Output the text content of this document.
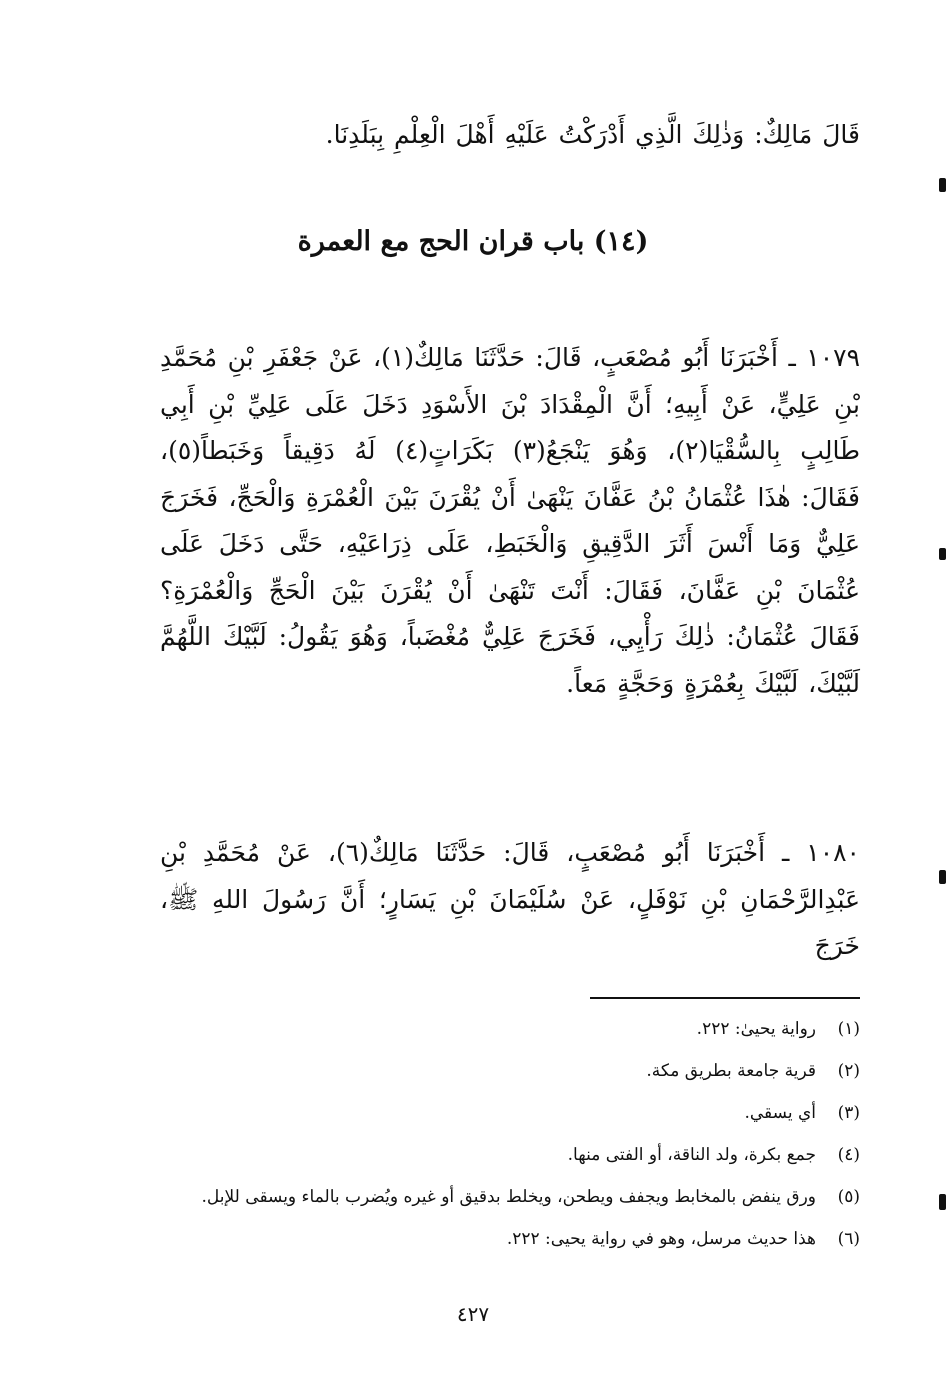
قَالَ مَالِكٌ: وَذٰلِكَ الَّذِي أَدْرَكْتُ عَلَيْهِ أَهْلَ الْعِلْمِ بِبَلَدِنَا.

(١٤) باب قران الحج مع العمرة

١٠٧٩ ـ أَخْبَرَنَا أَبُو مُصْعَبٍ، قَالَ: حَدَّثَنَا مَالِكٌ(١)، عَنْ جَعْفَرِ بْنِ مُحَمَّدِ بْنِ عَلِيٍّ، عَنْ أَبِيهِ؛ أَنَّ الْمِقْدَادَ بْنَ الأَسْوَدِ دَخَلَ عَلَى عَلِيِّ بْنِ أَبِي طَالِبٍ بِالسُّقْيَا(٢)، وَهُوَ يَنْجَعُ(٣) بَكَرَاتٍ(٤) لَهُ دَقِيقاً وَخَبَطاً(٥)، فَقَالَ: هٰذَا عُثْمَانُ بْنُ عَفَّانَ يَنْهَىٰ أَنْ يُقْرَنَ بَيْنَ الْعُمْرَةِ وَالْحَجِّ، فَخَرَجَ عَلِيٌّ وَمَا أَنْسَ أَثَرَ الدَّقِيقِ وَالْخَبَطِ، عَلَى ذِرَاعَيْهِ، حَتَّى دَخَلَ عَلَى عُثْمَانَ بْنِ عَفَّانَ، فَقَالَ: أَنْتَ تَنْهَىٰ أَنْ يُقْرَنَ بَيْنَ الْحَجِّ وَالْعُمْرَةِ؟ فَقَالَ عُثْمَانُ: ذٰلِكَ رَأْيِي، فَخَرَجَ عَلِيٌّ مُغْضَباً، وَهُوَ يَقُولُ: لَبَّيْكَ اللَّهُمَّ لَبَّيْكَ، لَبَّيْكَ بِعُمْرَةٍ وَحَجَّةٍ مَعاً.

١٠٨٠ ـ أَخْبَرَنَا أَبُو مُصْعَبٍ، قَالَ: حَدَّثَنَا مَالِكٌ(٦)، عَنْ مُحَمَّدِ بْنِ عَبْدِالرَّحْمَانِ بْنِ نَوْفَلٍ، عَنْ سُلَيْمَانَ بْنِ يَسَارٍ؛ أَنَّ رَسُولَ اللهِ ﷺ، خَرَجَ

(١)
رواية يحيىٰ: ٢٢٢.
(٢)
قرية جامعة بطريق مكة.
(٣)
أي يسقي.
(٤)
جمع بكرة، ولد الناقة، أو الفتى منها.
(٥)
ورق ينفض بالمخابط ويجفف ويطحن، ويخلط بدقيق أو غيره ويُضرب بالماء ويسقى للإبل.
(٦)
هذا حديث مرسل، وهو في رواية يحيى: ٢٢٢.
٤٢٧
